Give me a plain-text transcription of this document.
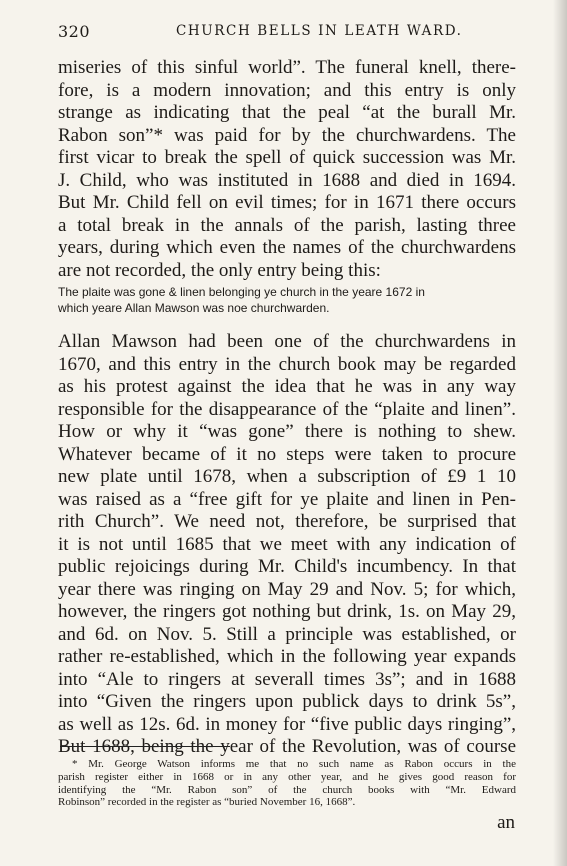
320	CHURCH BELLS IN LEATH WARD.
miseries of this sinful world”. The funeral knell, there-
fore, is a modern innovation; and this entry is only
strange as indicating that the peal “at the burall Mr.
Rabon son”* was paid for by the churchwardens. The
first vicar to break the spell of quick succession was Mr.
J. Child, who was instituted in 1688 and died in 1694.
But Mr. Child fell on evil times; for in 1671 there occurs
a total break in the annals of the parish, lasting three
years, during which even the names of the churchwardens
are not recorded, the only entry being this:
The plaite was gone & linen belonging ye church in the yeare 1672 in
which yeare Allan Mawson was noe churchwarden.
Allan Mawson had been one of the churchwardens in
1670, and this entry in the church book may be regarded
as his protest against the idea that he was in any way
responsible for the disappearance of the “plaite and linen”.
How or why it “was gone” there is nothing to shew.
Whatever became of it no steps were taken to procure
new plate until 1678, when a subscription of £9 1 10
was raised as a “free gift for ye plaite and linen in Pen-
rith Church”. We need not, therefore, be surprised that
it is not until 1685 that we meet with any indication of
public rejoicings during Mr. Child's incumbency. In that
year there was ringing on May 29 and Nov. 5; for which,
however, the ringers got nothing but drink, 1s. on May 29,
and 6d. on Nov. 5. Still a principle was established, or
rather re-established, which in the following year expands
into “Ale to ringers at severall times 3s”; and in 1688
into “Given the ringers upon publick days to drink 5s”,
as well as 12s. 6d. in money for “five public days ringing”,
But 1688, being the year of the Revolution, was of course
* Mr. George Watson informs me that no such name as Rabon occurs in the
parish register either in 1668 or in any other year, and he gives good reason for
identifying the “Mr. Rabon son” of the church books with “Mr. Edward
Robinson” recorded in the register as “buried November 16, 1668”.
an
